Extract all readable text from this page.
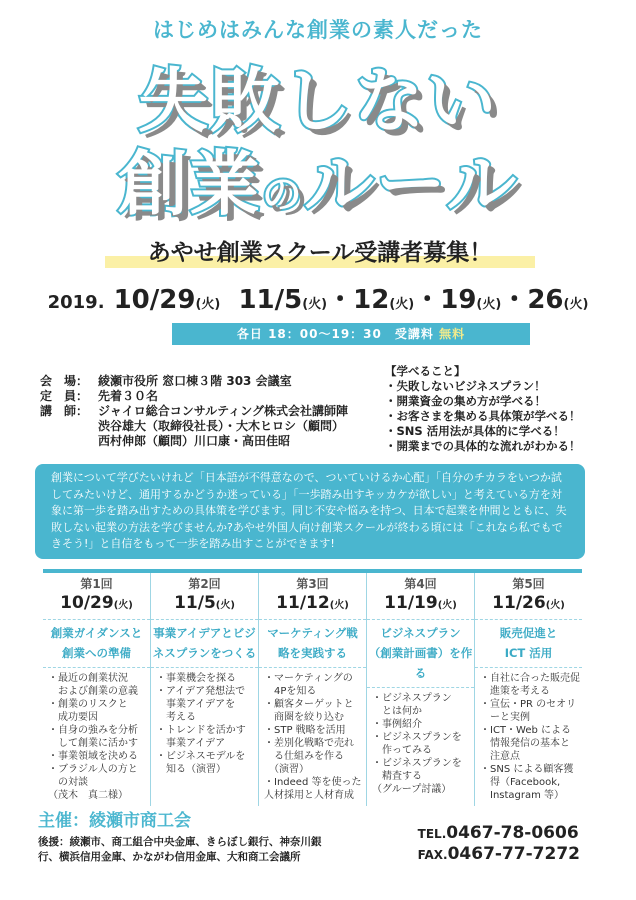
はじめはみんな創業の素人だった
失敗しない
創業のルール
あやせ創業スクール受講者募集！
2019. 10/29(火) 11/5(火)・12(火)・19(火)・26(火)
各日 18：00〜19：30　受講料 無料
会　場： 綾瀬市役所 窓口棟３階 303 会議室
定　員： 先着３０名
講　師： ジャイロ総合コンサルティング株式会社講師陣
渋谷雄大（取締役社長）・大木ヒロシ（顧問）
西村伸郎（顧問）川口康・高田佳昭
【学べること】
・失敗しないビジネスプラン！
・開業資金の集め方が学べる！
・お客さまを集める具体策が学べる！
・SNS 活用法が具体的に学べる！
・開業までの具体的な流れがわかる！
創業について学びたいけれど「日本語が不得意なので、ついていけるか心配」「自分のチカラをいつか試してみたいけど、通用するかどうか迷っている」「一歩踏み出すキッカケが欲しい」と考えている方を対象に第一歩を踏み出すための具体策を学びます。同じ不安や悩みを持つ、日本で起業を仲間とともに、失敗しない起業の方法を学びませんか?あやせ外国人向け創業スクールが終わる頃には「これなら私でもできそう!」と自信をもって一歩を踏み出すことができます!
第1回
10/29(火)
創業ガイダンスと
創業への準備
・最近の創業状況
　および創業の意義
・創業のリスクと
　成功要因
・自身の強みを分析
　して創業に活かす
・事業領域を決める
・ブラジル人の方と
　の対談
（茂木　真二様）
第2回
11/5(火)
事業アイデアとビジ
ネスプランをつくる
・事業機会を探る
・アイデア発想法で
　事業アイデアを
　考える
・トレンドを活かす
　事業アイデア
・ビジネスモデルを
　知る（演習）
第3回
11/12(火)
マーケティング戦
略を実践する
・マーケティングの
　4Pを知る
・顧客ターゲットと
　商圏を絞り込む
・STP 戦略を活用
・差別化戦略で売れ
　る仕組みを作る
　（演習）
・Indeed 等を使った
人材採用と人材育成
第4回
11/19(火)
ビジネスプラン
（創業計画書）を作る
・ビジネスプラン
　とは何か
・事例紹介
・ビジネスプランを
　作ってみる
・ビジネスプランを
　精査する
（グループ討議）
第5回
11/26(火)
販売促進と
ICT 活用
・自社に合った販売促
　進策を考える
・宣伝・PR のセオリ
　ーと実例
・ICT・Web による
　情報発信の基本と
　注意点
・SNS による顧客獲
　得（Facebook,
　Instagram 等）
主催：綾瀬市商工会
後援：綾瀬市、商工組合中央金庫、きらぼし銀行、神奈川銀行、横浜信用金庫、かながわ信用金庫、大和商工会議所
TEL.0467-78-0606
FAX.0467-77-7272
